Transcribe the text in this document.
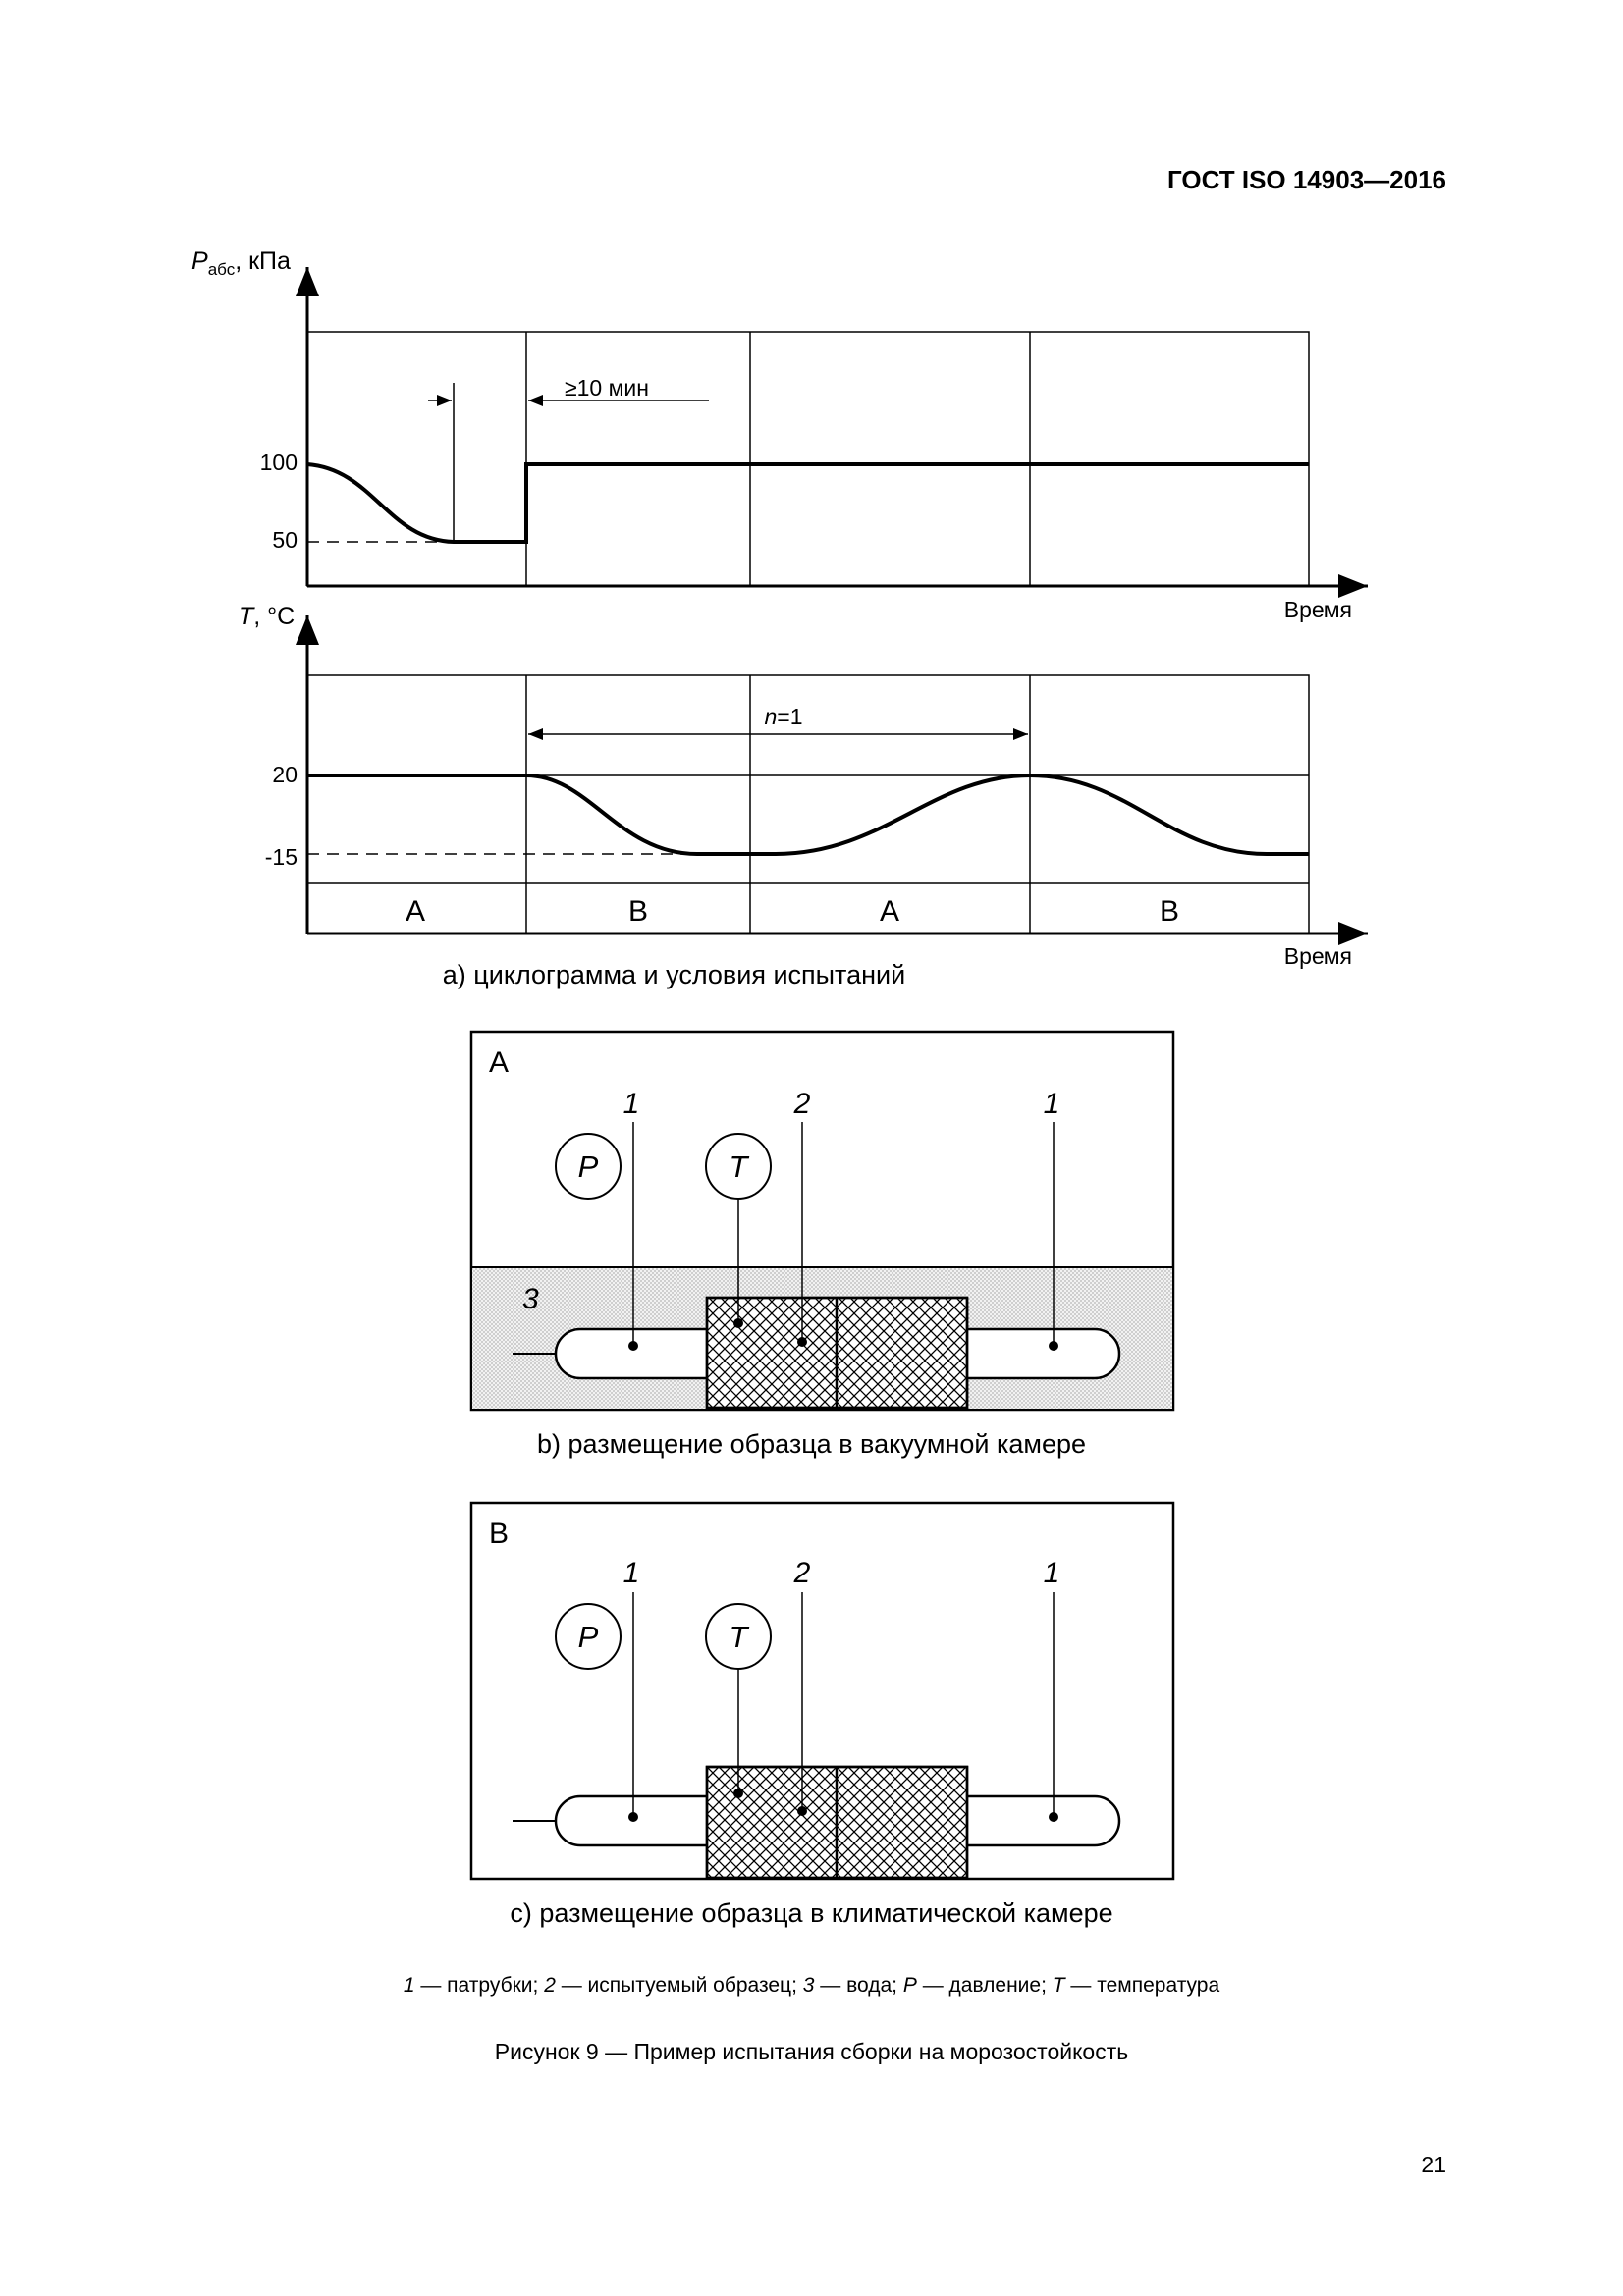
ГОСТ ISO 14903—2016
≥10 мин
100
50
$P_{абс}$, кПа
Время
n=1
20
-15
T, °С
A	B	A	B
Время
A
3
P	T
1	2	1
B
P	T
1	2	1
а) циклограмма и условия испытаний
b) размещение образца в вакуумной камере
с) размещение образца в климатической камере
1 — патрубки; 2 — испытуемый образец; 3 — вода; P — давление; T — температура
Рисунок 9 — Пример испытания сборки на морозостойкость
21
